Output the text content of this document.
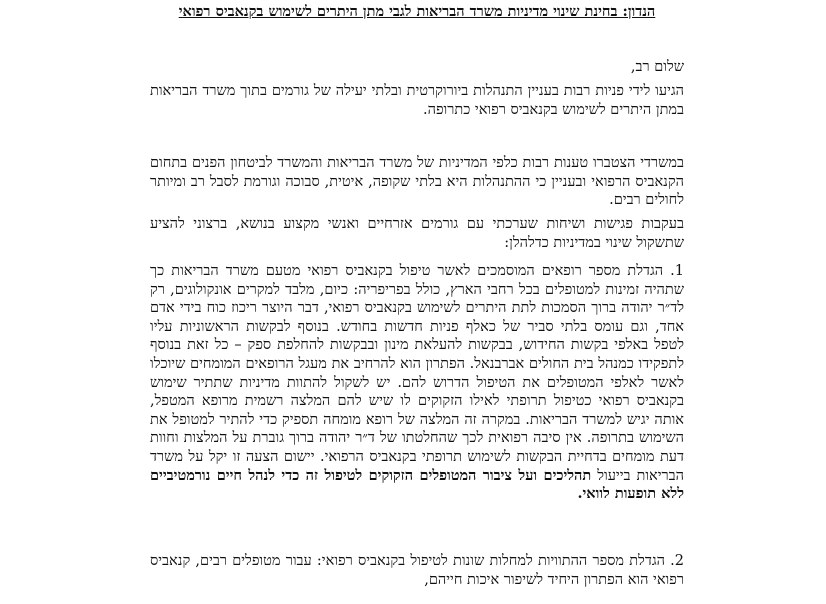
הנדון: בחינת שינוי מדיניות משרד הבריאות לגבי מתן היתרים לשימוש בקנאביס רפואי
שלום רב,
הגיעו לידי פניות רבות בעניין התנהלות ביורוקרטית ובלתי יעילה של גורמים בתוך משרד הבריאות במתן היתרים לשימוש בקנאביס רפואי כתרופה.
במשרדי הצטברו טענות רבות כלפי המדיניות של משרד הבריאות והמשרד לביטחון הפנים בתחום הקנאביס הרפואי ובעניין כי ההתנהלות היא בלתי שקופה, איטית, סבוכה וגורמת לסבל רב ומיותר לחולים רבים.
בעקבות פגישות ושיחות שערכתי עם גורמים אזרחיים ואנשי מקצוע בנושא, ברצוני להציע שתשקול שינוי במדיניות כדלהלן:
1. הגדלת מספר רופאים המוסמכים לאשר טיפול בקנאביס רפואי מטעם משרד הבריאות כך שתהיה זמינות למטופלים בכל רחבי הארץ, כולל בפריפריה: כיום, מלבד למקרים אונקולוגים, רק לד״ר יהודה ברוך הסמכות לתת היתרים לשימוש בקנאביס רפואי, דבר היוצר ריכוז כוח בידי אדם אחד, וגם עומס בלתי סביר של כאלף פניות חדשות בחודש. בנוסף לבקשות הראשוניות עליו לטפל באלפי בקשות החידוש, בבקשות להעלאת מינון ובבקשות להחלפת ספק – כל זאת בנוסף לתפקידו כמנהל בית החולים אברבנאל. הפתרון הוא להרחיב את מעגל הרופאים המומחים שיוכלו לאשר לאלפי המטופלים את הטיפול הדרוש להם. יש לשקול להתוות מדיניות שתתיר שימוש בקנאביס רפואי כטיפול תרופתי לאילו הזקוקים לו שיש להם המלצה רשמית מרופא המטפל, אותה יגיש למשרד הבריאות. במקרה זה המלצה של רופא מומחה תספיק כדי להתיר למטופל את השימוש בתרופה. אין סיבה רפואית לכך שהחלטתו של ד״ר יהודה ברוך גוברת על המלצות וחוות דעת מומחים בדחיית הבקשות לשימוש תרופתי בקנאביס הרפואי. יישום הצעה זו יקל על משרד הבריאות בייעול תהליכים ועל ציבור המטופלים הזקוקים לטיפול זה כדי לנהל חיים נורמטיביים ללא תופעות לוואי.
2. הגדלת מספר ההתוויות למחלות שונות לטיפול בקנאביס רפואי: עבור מטופלים רבים, קנאביס רפואי הוא הפתרון היחיד לשיפור איכות חייהם,
